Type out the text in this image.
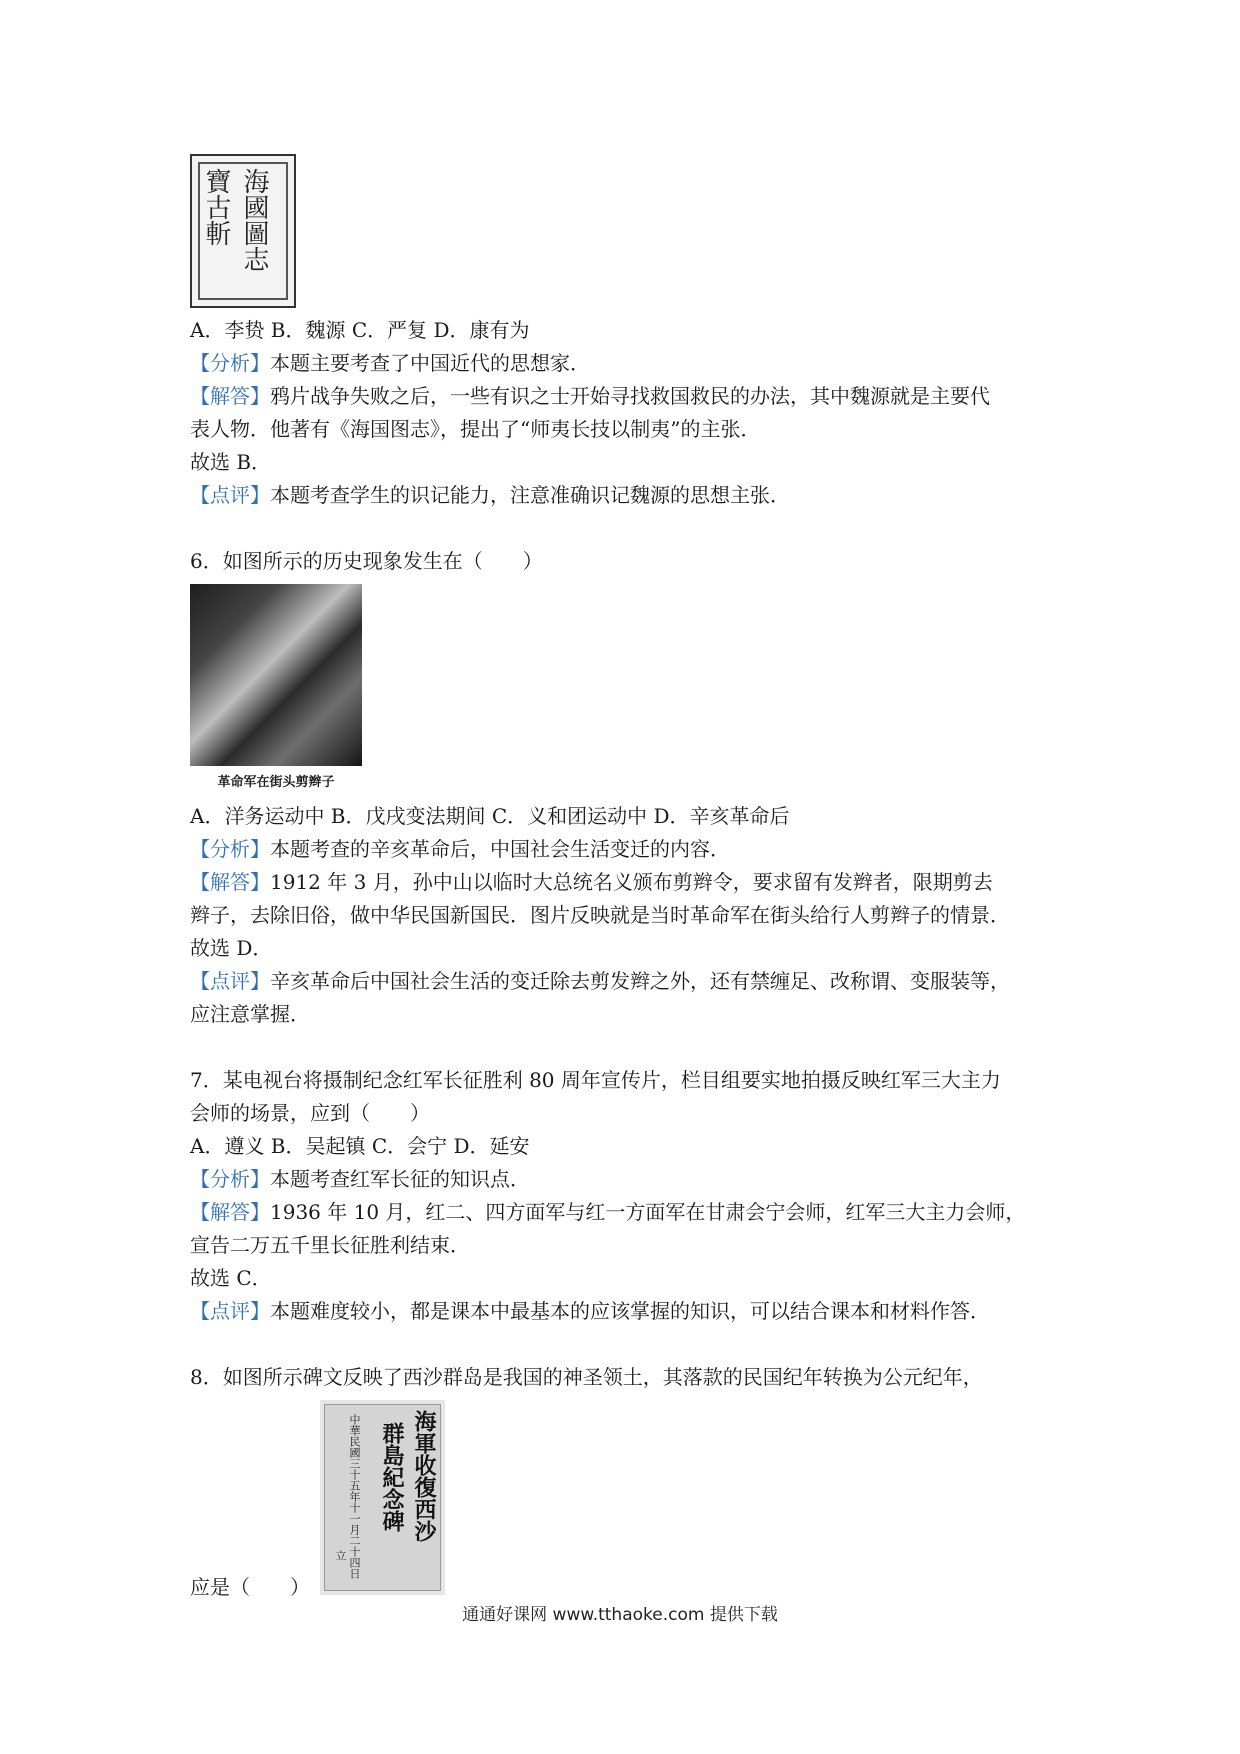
寶古斬 海國圖志
A．李贽 B．魏源 C．严复 D．康有为
【分析】本题主要考查了中国近代的思想家．
【解答】鸦片战争失败之后，一些有识之士开始寻找救国救民的办法，其中魏源就是主要代
表人物．他著有《海国图志》，提出了“师夷长技以制夷”的主张．
故选 B．
【点评】本题考查学生的识记能力，注意准确识记魏源的思想主张．
6．如图所示的历史现象发生在（　　）
革命军在街头剪辫子
A．洋务运动中 B．戊戌变法期间 C．义和团运动中 D．辛亥革命后
【分析】本题考查的辛亥革命后，中国社会生活变迁的内容．
【解答】1912 年 3 月，孙中山以临时大总统名义颁布剪辫令，要求留有发辫者，限期剪去
辫子，去除旧俗，做中华民国新国民．图片反映就是当时革命军在街头给行人剪辫子的情景．
故选 D．
【点评】辛亥革命后中国社会生活的变迁除去剪发辫之外，还有禁缠足、改称谓、变服装等，
应注意掌握．
7．某电视台将摄制纪念红军长征胜利 80 周年宣传片，栏目组要实地拍摄反映红军三大主力
会师的场景，应到（　　）
A．遵义 B．吴起镇 C．会宁 D．延安
【分析】本题考查红军长征的知识点．
【解答】1936 年 10 月，红二、四方面军与红一方面军在甘肃会宁会师，红军三大主力会师，
宣告二万五千里长征胜利结束．
故选 C．
【点评】本题难度较小，都是课本中最基本的应该掌握的知识，可以结合课本和材料作答．
8．如图所示碑文反映了西沙群岛是我国的神圣领土，其落款的民国纪年转换为公元纪年，
海軍收復西沙
群島紀念碑
中華民國三十五年十一月二十四日
立
应是（　　）
通通好课网 www.tthaoke.com 提供下载
